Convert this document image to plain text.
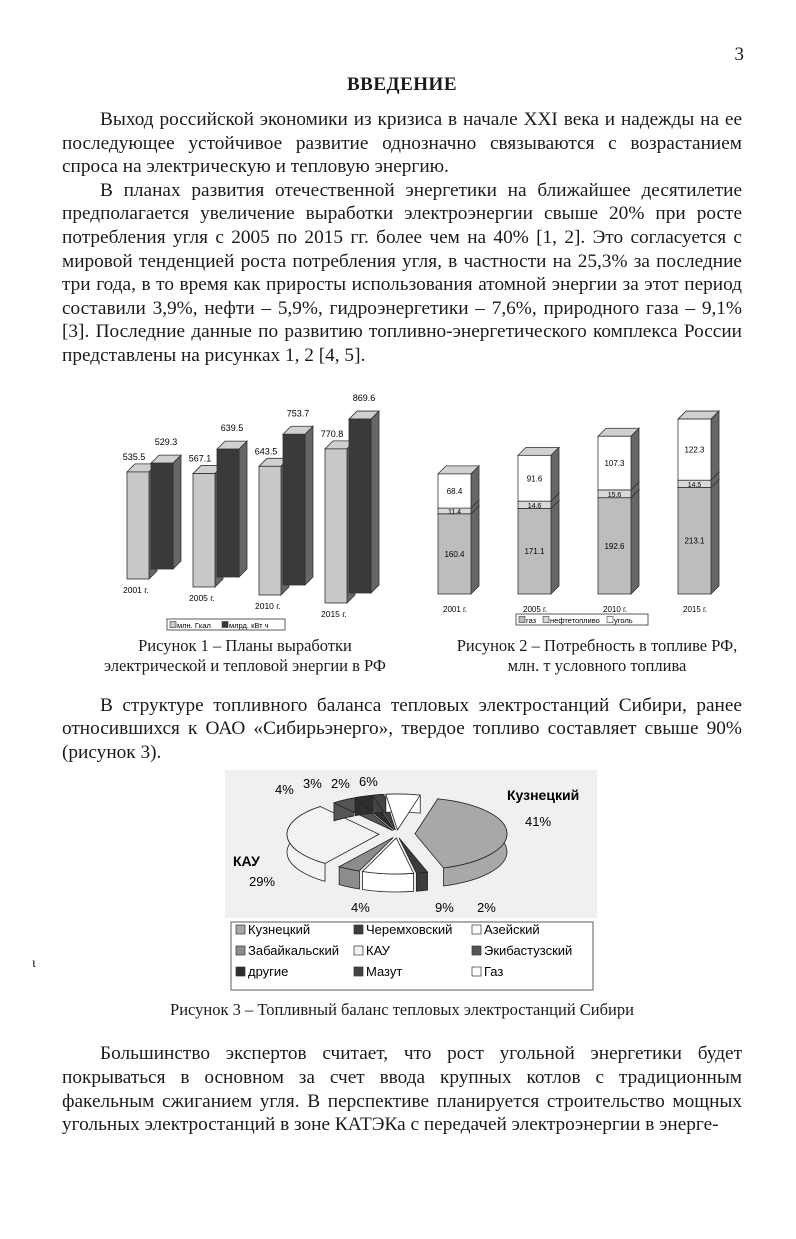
3
ВВЕДЕНИЕ

Выход российской экономики из кризиса в начале XXI века и надежды на ее последующее устойчивое развитие однозначно связываются с возрастанием спроса на электрическую и тепловую энергию.

В планах развития отечественной энергетики на ближайшее десятилетие предполагается увеличение выработки электроэнергии свыше 20% при росте потребления угля с 2005 по 2015 гг. более чем на 40% [1, 2]. Это согласуется с мировой тенденцией роста потребления угля, в частности на 25,3% за последние три года, в то время как приросты использования атомной энергии за этот период составили 3,9%, нефти – 5,9%, гидроэнергетики – 7,6%, природного газа – 9,1% [3]. Последние данные по развитию топливно-энергетического комплекса России представлены на рисунках 1, 2 [4, 5].

535.5
529.3
2001 г.
567.1
639.5
2005 г.
643.5
753.7
2010 г.
770.8
869.6
2015 г.
млн. Гкал млрд. кВт ч
160.4
11.4
68.4
2001 г.
171.1
14.6
91.6
2005 г.
192.6
15.6
107.3
2010 г.
213.1
14.5
122.3
2015 г.
газ нефтетопливо уголь
Рисунок 1 – Планы выработки электрической и тепловой энергии в РФ
Рисунок 2 – Потребность в топливе РФ, млн. т условного топлива

В структуре топливного баланса тепловых электростанций Сибири, ранее относившихся к ОАО «Сибирьэнерго», твердое топливо составляет свыше 90% (рисунок 3).

41%
2%
9%
4%
29%
4% 3% 2% 6%
Кузнецкий
КАУ
Кузнецкий	Черемховский Азейский
Забайкальский КАУ	Экибастузский
другие	Мазут	Газ
ι
Рисунок 3 – Топливный баланс тепловых электростанций Сибири

Большинство экспертов считает, что рост угольной энергетики будет покрываться в основном за счет ввода крупных котлов с традиционным факельным сжиганием угля. В перспективе планируется строительство мощных угольных электростанций в зоне КАТЭКа с передачей электроэнергии в энерге-
